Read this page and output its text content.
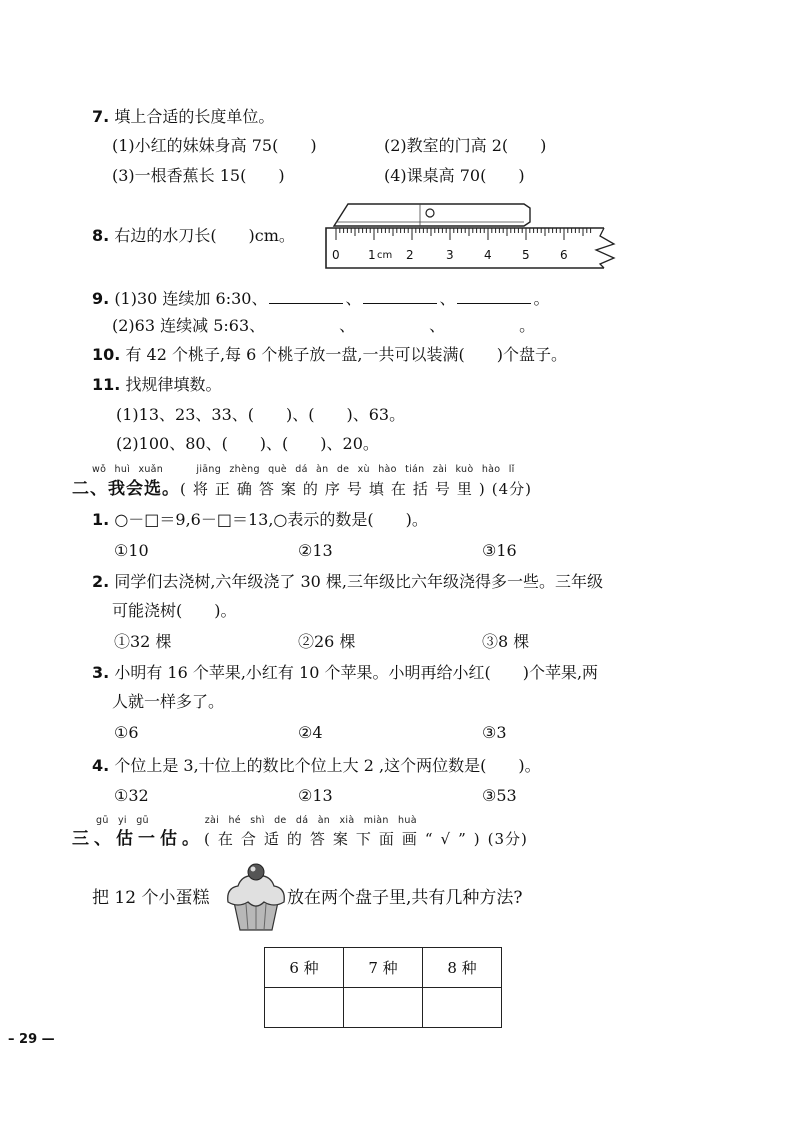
7. 填上合适的长度单位。
(1)小红的妹妹身高 75(　　)	(2)教室的门高 2(　　)
(3)一根香蕉长 15(　　)	(4)课桌高 70(　　)
8. 右边的水刀长(　　)cm。
0 1 cm 2	3	4	5	6
9. (1)30 连续加 6:30、	、	、	。
(2)63 连续减 5:63、	、	、	。
10. 有 42 个桃子,每 6 个桃子放一盘,一共可以装满(　　)个盘子。
11. 找规律填数。
(1)13、23、33、(　　)、(　　)、63。
(2)100、80、(　　)、(　　)、20。
wǒ huì xuǎn	jiāng zhèng què dá àn de xù hào tián zài kuò hào lǐ
二、我会选。(将正确答案的序号填在括号里)(4分)
1. ○－□＝9,6－□＝13,○表示的数是(　　)。
①10	②13	③16
2. 同学们去浇树,六年级浇了 30 棵,三年级比六年级浇得多一些。三年级
可能浇树(　　)。
①32 棵	②26 棵	③8 棵
3. 小明有 16 个苹果,小红有 10 个苹果。小明再给小红(　　)个苹果,两
人就一样多了。
①6	②4	③3
4. 个位上是 3,十位上的数比个位上大 2 ,这个两位数是(　　)。
①32	②13	③53
gū yi gū	zài hé shì de dá àn xià miàn huà
三、估一估。(在合适的答案下面画“√”)(3分)
把 12 个小蛋糕	放在两个盘子里,共有几种方法?
6 种	7 种	8 种

– 29 —
